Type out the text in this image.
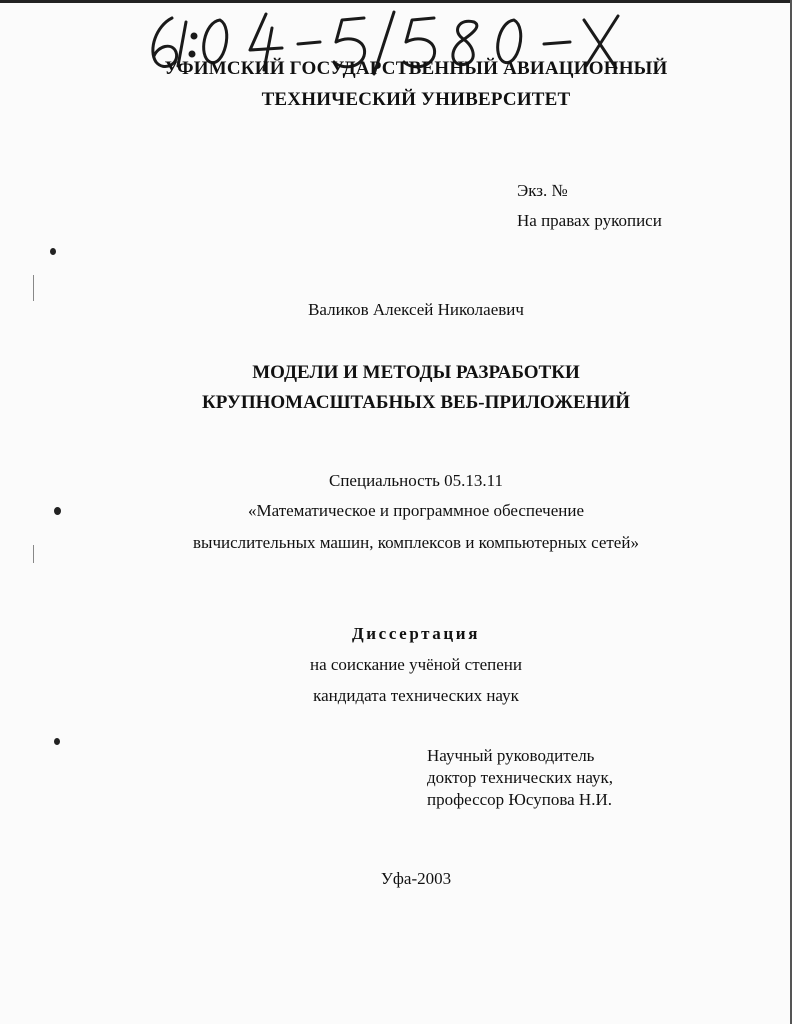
УФИМСКИЙ ГОСУДАРСТВЕННЫЙ АВИАЦИОННЫЙ
ТЕХНИЧЕСКИЙ УНИВЕРСИТЕТ
Экз. №
На правах рукописи
Валиков Алексей Николаевич
МОДЕЛИ И МЕТОДЫ РАЗРАБОТКИ
КРУПНОМАСШТАБНЫХ ВЕБ-ПРИЛОЖЕНИЙ
Специальность 05.13.11
«Математическое и программное обеспечение
вычислительных машин, комплексов и компьютерных сетей»
Диссертация
на соискание учёной степени
кандидата технических наук
Научный руководитель
доктор технических наук,
профессор Юсупова Н.И.
Уфа-2003
